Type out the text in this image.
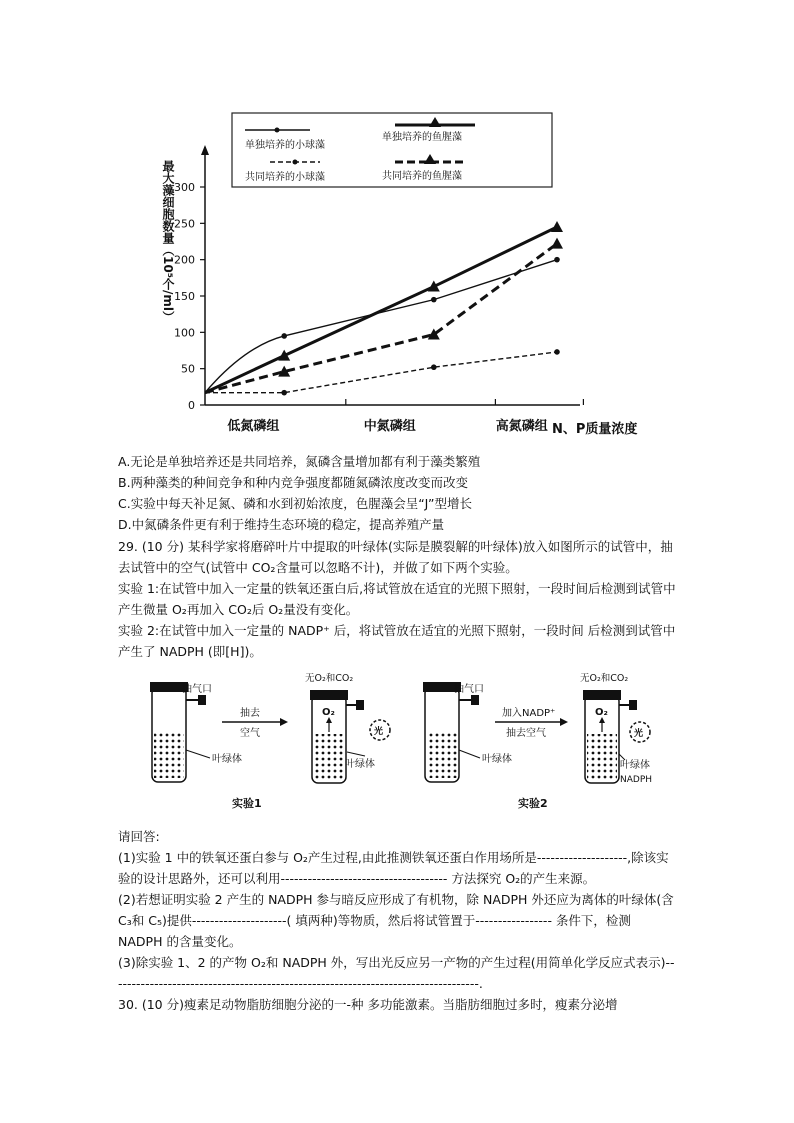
单独培养的小球藻
单独培养的鱼腥藻
共同培养的小球藻	共同培养的鱼腥藻
最大藻细胞数量（10⁵个/ml）
0
50
100
150
200
250
300
低氮磷组	中氮磷组	高氮磷组 N、P质量浓度
A.无论是单独培养还是共同培养，氮磷含量增加都有利于藻类繁殖
B.两种藻类的种间竞争和种内竞争强度都随氮磷浓度改变而改变
C.实验中每天补足氮、磷和水到初始浓度，色腥藻会呈“J”型增长
D.中氮磷条件更有利于维持生态环境的稳定，提高养殖产量

29. (10 分) 某科学家将磨碎叶片中提取的叶绿体(实际是膜裂解的叶绿体)放入如图所示的试管中，抽去试管中的空气(试管中 CO₂含量可以忽略不计)，并做了如下两个实验。

实验 1:在试管中加入一定量的铁氧还蛋白后,将试管放在适宜的光照下照射，一段时间后检测到试管中产生微量 O₂再加入 CO₂后 O₂量没有变化。

实验 2:在试管中加入一定量的 NADP⁺ 后，将试管放在适宜的光照下照射，一段时间 后检测到试管中产生了 NADPH (即[H])。

抽气口
叶绿体
抽去
空气
无O₂和CO₂
O₂
光
叶绿体
实验1
抽气口
叶绿体
加入NADP⁺
抽去空气
无O₂和CO₂
O₂
光
叶绿体
NADPH
实验2

请回答:

(1)实验 1 中的铁氧还蛋白参与 O₂产生过程,由此推测铁氧还蛋白作用场所是--------------------,除该实验的设计思路外，还可以利用------------------------------------- 方法探究 O₂的产生来源。

(2)若想证明实验 2 产生的 NADPH 参与暗反应形成了有机物，除 NADPH 外还应为离体的叶绿体(含 C₃和 C₅)提供---------------------( 填两种)等物质，然后将试管置于----------------- 条件下，检测 NADPH 的含量变化。

(3)除实验 1、2 的产物 O₂和 NADPH 外，写出光反应另一产物的产生过程(用简单化学反应式表示)----------------------------------------------------------------------------------.

30. (10 分)瘦素足动物脂肪细胞分泌的一-种 多功能激素。当脂肪细胞过多时，瘦素分泌增
